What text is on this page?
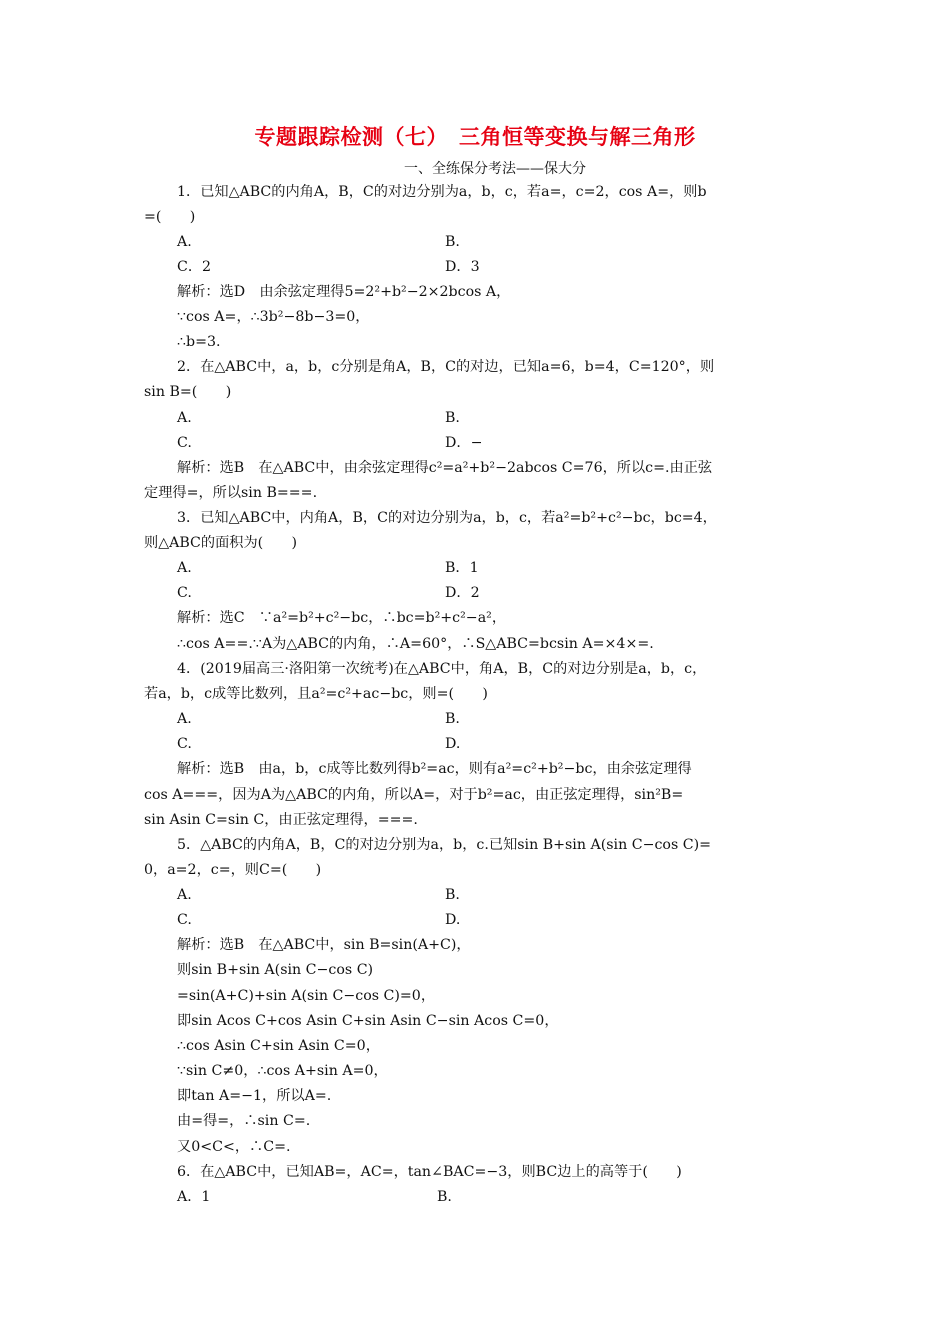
专题跟踪检测（七）　三角恒等变换与解三角形
一、全练保分考法——保大分
1．已知△ABC的内角A，B，C的对边分别为a，b，c，若a=，c=2，cos A=，则b
=(　　)
A.	B.
C．2	D．3
解析：选D　由余弦定理得5=2²+b²−2×2bcos A，
∵cos A=，∴3b²−8b−3=0，
∴b=3.
2．在△ABC中，a，b，c分别是角A，B，C的对边，已知a=6，b=4，C=120°，则
sin B=(　　)
A.	B.
C.	D．−
解析：选B　在△ABC中，由余弦定理得c²=a²+b²−2abcos C=76，所以c=.由正弦
定理得=，所以sin B===.
3．已知△ABC中，内角A，B，C的对边分别为a，b，c，若a²=b²+c²−bc，bc=4，
则△ABC的面积为(　　)
A.	B．1
C.	D．2
解析：选C　∵a²=b²+c²−bc，∴bc=b²+c²−a²，
∴cos A==.∵A为△ABC的内角，∴A=60°，∴S△ABC=bcsin A=×4×=.
4．(2019届高三·洛阳第一次统考)在△ABC中，角A，B，C的对边分别是a，b，c，
若a，b，c成等比数列，且a²=c²+ac−bc，则=(　　)
A.	B.
C.	D.
解析：选B　由a，b，c成等比数列得b²=ac，则有a²=c²+b²−bc，由余弦定理得
cos A===，因为A为△ABC的内角，所以A=，对于b²=ac，由正弦定理得，sin²B=
sin Asin C=sin C，由正弦定理得，===.
5．△ABC的内角A，B，C的对边分别为a，b，c.已知sin B+sin A(sin C−cos C)=
0，a=2，c=，则C=(　　)
A.	B.
C.	D.
解析：选B　在△ABC中，sin B=sin(A+C)，
则sin B+sin A(sin C−cos C)
=sin(A+C)+sin A(sin C−cos C)=0，
即sin Acos C+cos Asin C+sin Asin C−sin Acos C=0，
∴cos Asin C+sin Asin C=0，
∵sin C≠0，∴cos A+sin A=0，
即tan A=−1，所以A=.
由=得=，∴sin C=.
又0<C<，∴C=.
6．在△ABC中，已知AB=，AC=，tan∠BAC=−3，则BC边上的高等于(　　)
A．1	B.
